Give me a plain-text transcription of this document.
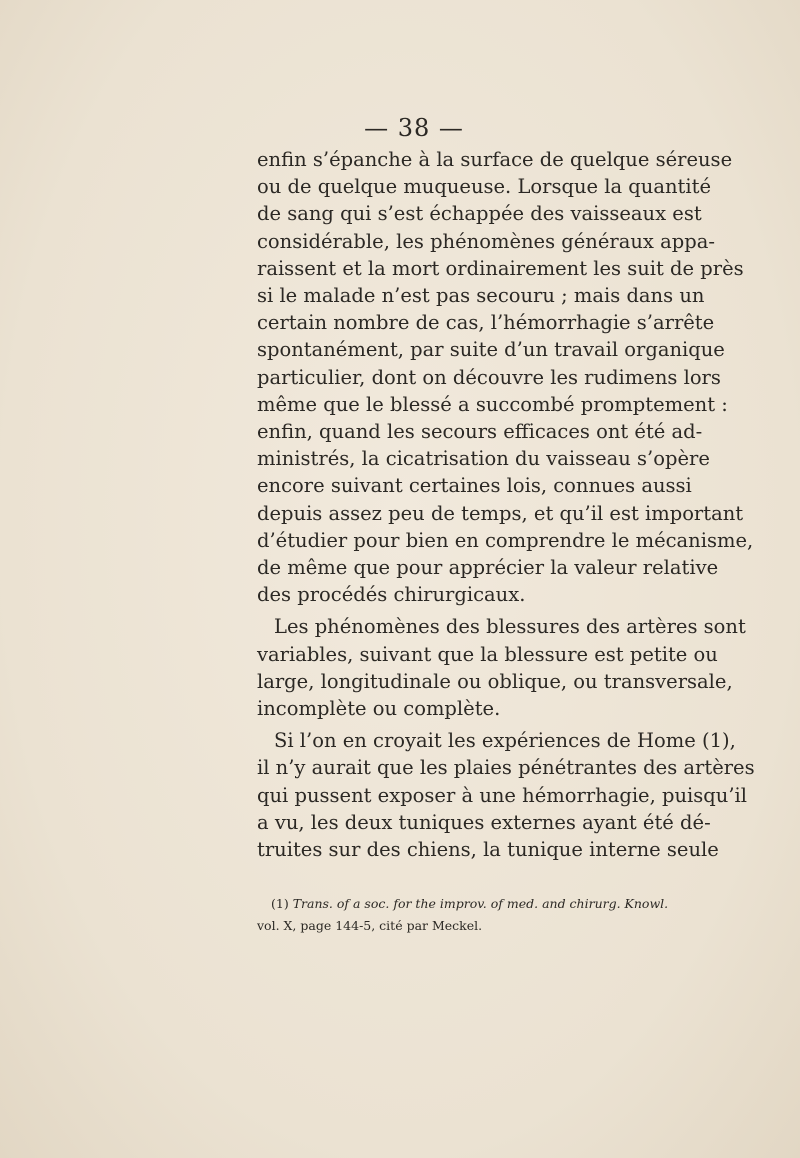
— 38 —
enfin s’épanche à la surface de quelque séreuse
ou de quelque muqueuse. Lorsque la quantité
de sang qui s’est échappée des vaisseaux est
considérable, les phénomènes généraux appa-
raissent et la mort ordinairement les suit de près
si le malade n’est pas secouru ; mais dans un
certain nombre de cas, l’hémorrhagie s’arrête
spontanément, par suite d’un travail organique
particulier, dont on découvre les rudimens lors
même que le blessé a succombé promptement :
enfin, quand les secours efficaces ont été ad-
ministrés, la cicatrisation du vaisseau s’opère
encore suivant certaines lois, connues aussi
depuis assez peu de temps, et qu’il est important
d’étudier pour bien en comprendre le mécanisme,
de même que pour apprécier la valeur relative
des procédés chirurgicaux.
Les phénomènes des blessures des artères sont
variables, suivant que la blessure est petite ou
large, longitudinale ou oblique, ou transversale,
incomplète ou complète.
Si l’on en croyait les expériences de Home (1),
il n’y aurait que les plaies pénétrantes des artères
qui pussent exposer à une hémorrhagie, puisqu’il
a vu, les deux tuniques externes ayant été dé-
truites sur des chiens, la tunique interne seule
(1) Trans. of a soc. for the improv. of med. and chirurg. Knowl.
vol. X, page 144-5, cité par Meckel.
